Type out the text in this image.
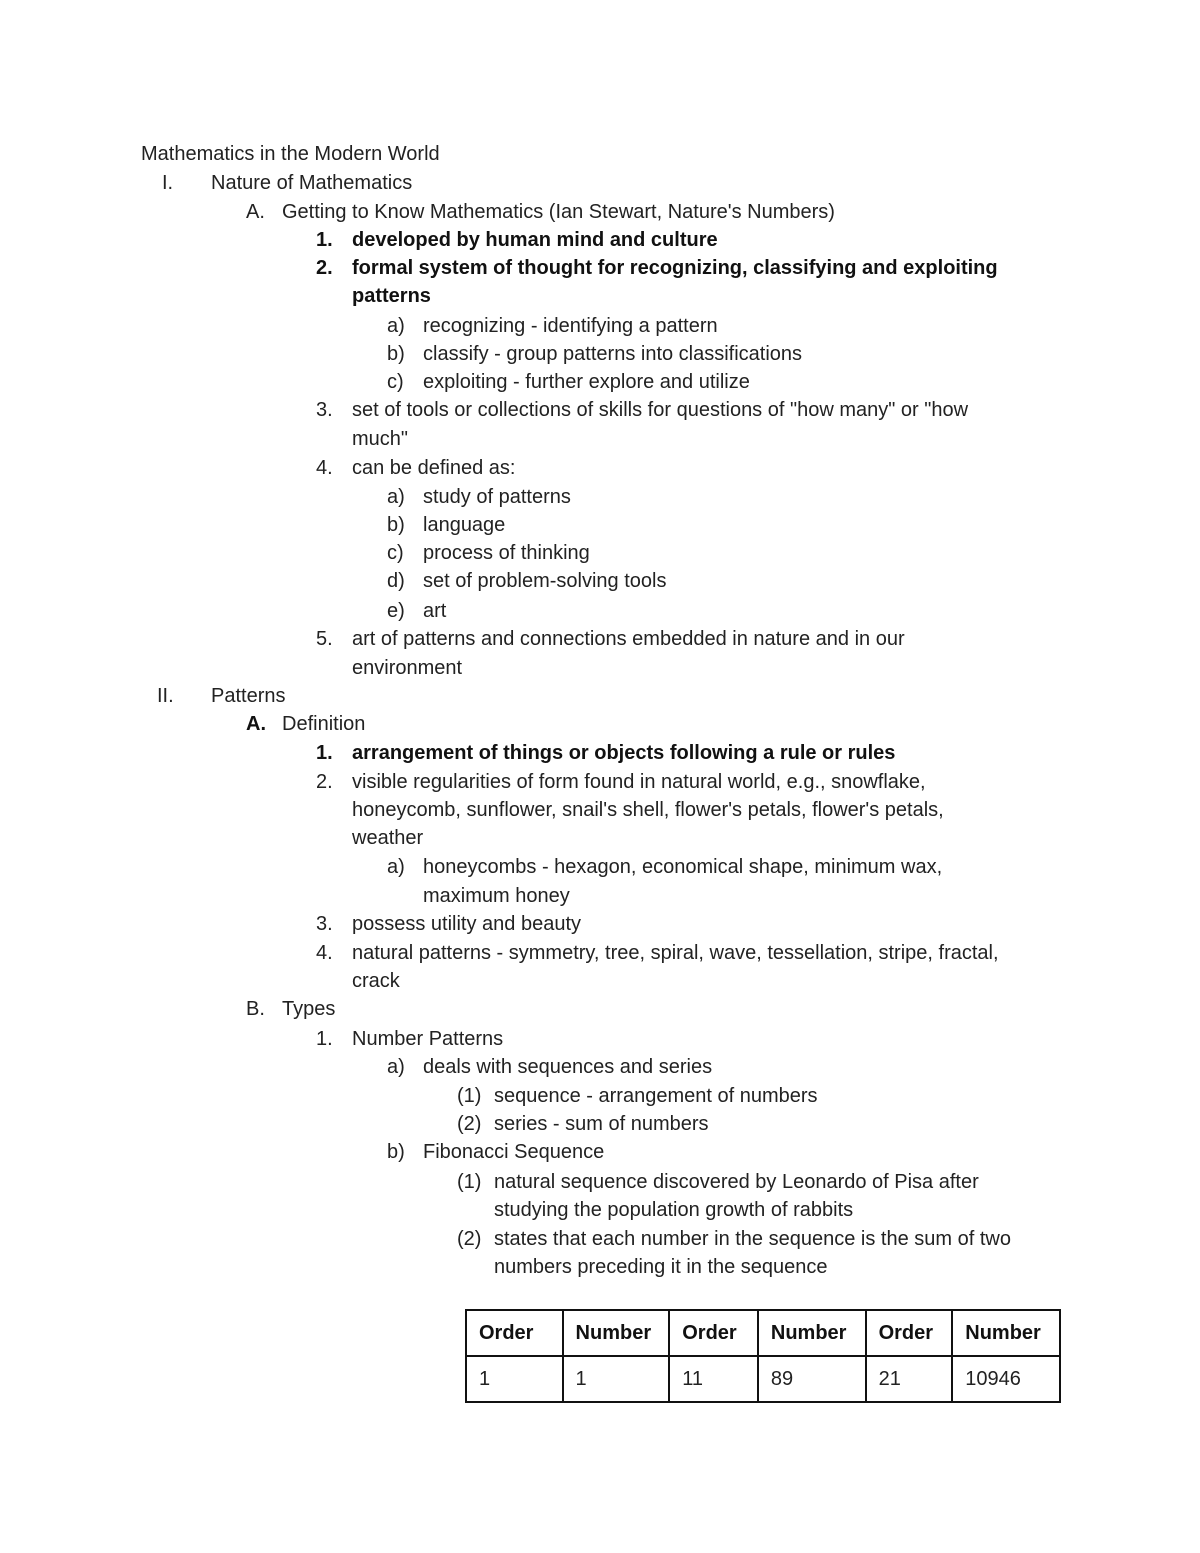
Mathematics in the Modern World
I. Nature of Mathematics
A. Getting to Know Mathematics (Ian Stewart, Nature's Numbers)
1. developed by human mind and culture
2. formal system of thought for recognizing, classifying and exploiting
patterns
a) recognizing - identifying a pattern
b) classify - group patterns into classifications
c) exploiting - further explore and utilize
3. set of tools or collections of skills for questions of "how many" or "how
much"
4. can be defined as:
a) study of patterns
b) language
c) process of thinking
d) set of problem-solving tools
e) art
5. art of patterns and connections embedded in nature and in our
environment
II. Patterns
A. Definition
1. arrangement of things or objects following a rule or rules
2. visible regularities of form found in natural world, e.g., snowflake,
honeycomb, sunflower, snail's shell, flower's petals, flower's petals,
weather
a) honeycombs - hexagon, economical shape, minimum wax,
maximum honey
3. possess utility and beauty
4. natural patterns - symmetry, tree, spiral, wave, tessellation, stripe, fractal,
crack
B. Types
1. Number Patterns
a) deals with sequences and series
(1) sequence - arrangement of numbers
(2) series - sum of numbers
b) Fibonacci Sequence
(1) natural sequence discovered by Leonardo of Pisa after
studying the population growth of rabbits
(2) states that each number in the sequence is the sum of two
numbers preceding it in the sequence
Order	Number	Order	Number	Order	Number
1	1	11	89	21	10946
